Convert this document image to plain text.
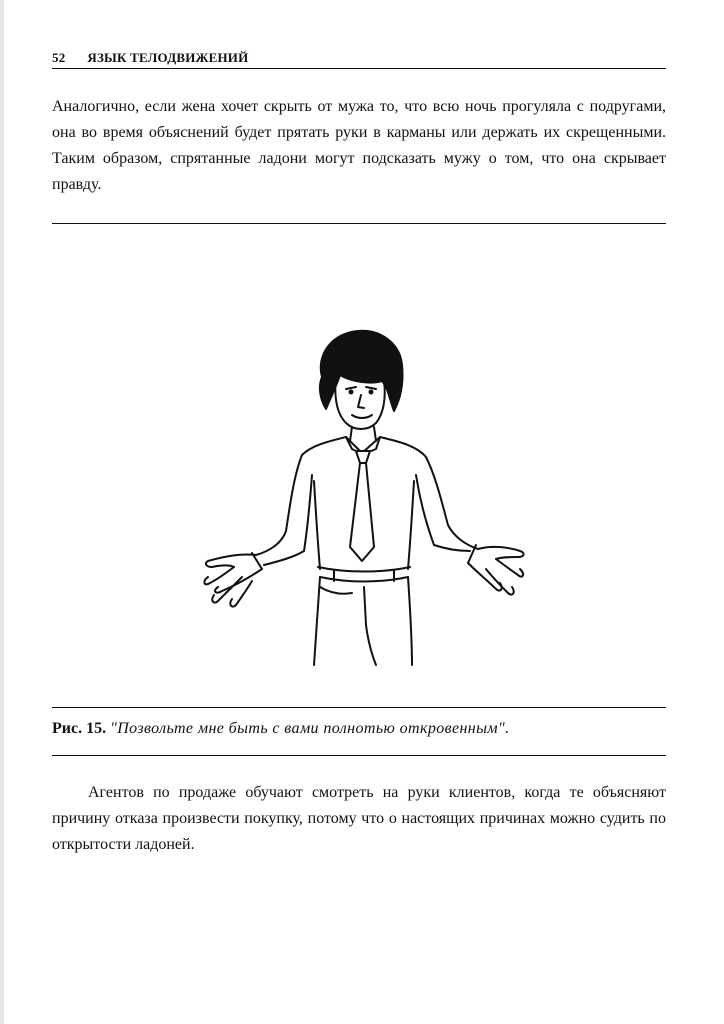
52 ЯЗЫК ТЕЛОДВИЖЕНИЙ

Аналогично, если жена хочет скрыть от мужа то, что всю ночь прогуляла с подругами, она во время объяснений будет прятать руки в карманы или держать их скрещенными. Таким образом, спрятанные ладони могут подсказать мужу о том, что она скрывает правду.

Рис. 15. "Позвольте мне быть с вами полнотью откровенным".

Агентов по продаже обучают смотреть на руки клиентов, когда те объясняют причину отказа произвести покупку, потому что о настоящих причинах можно судить по открытости ладоней.
